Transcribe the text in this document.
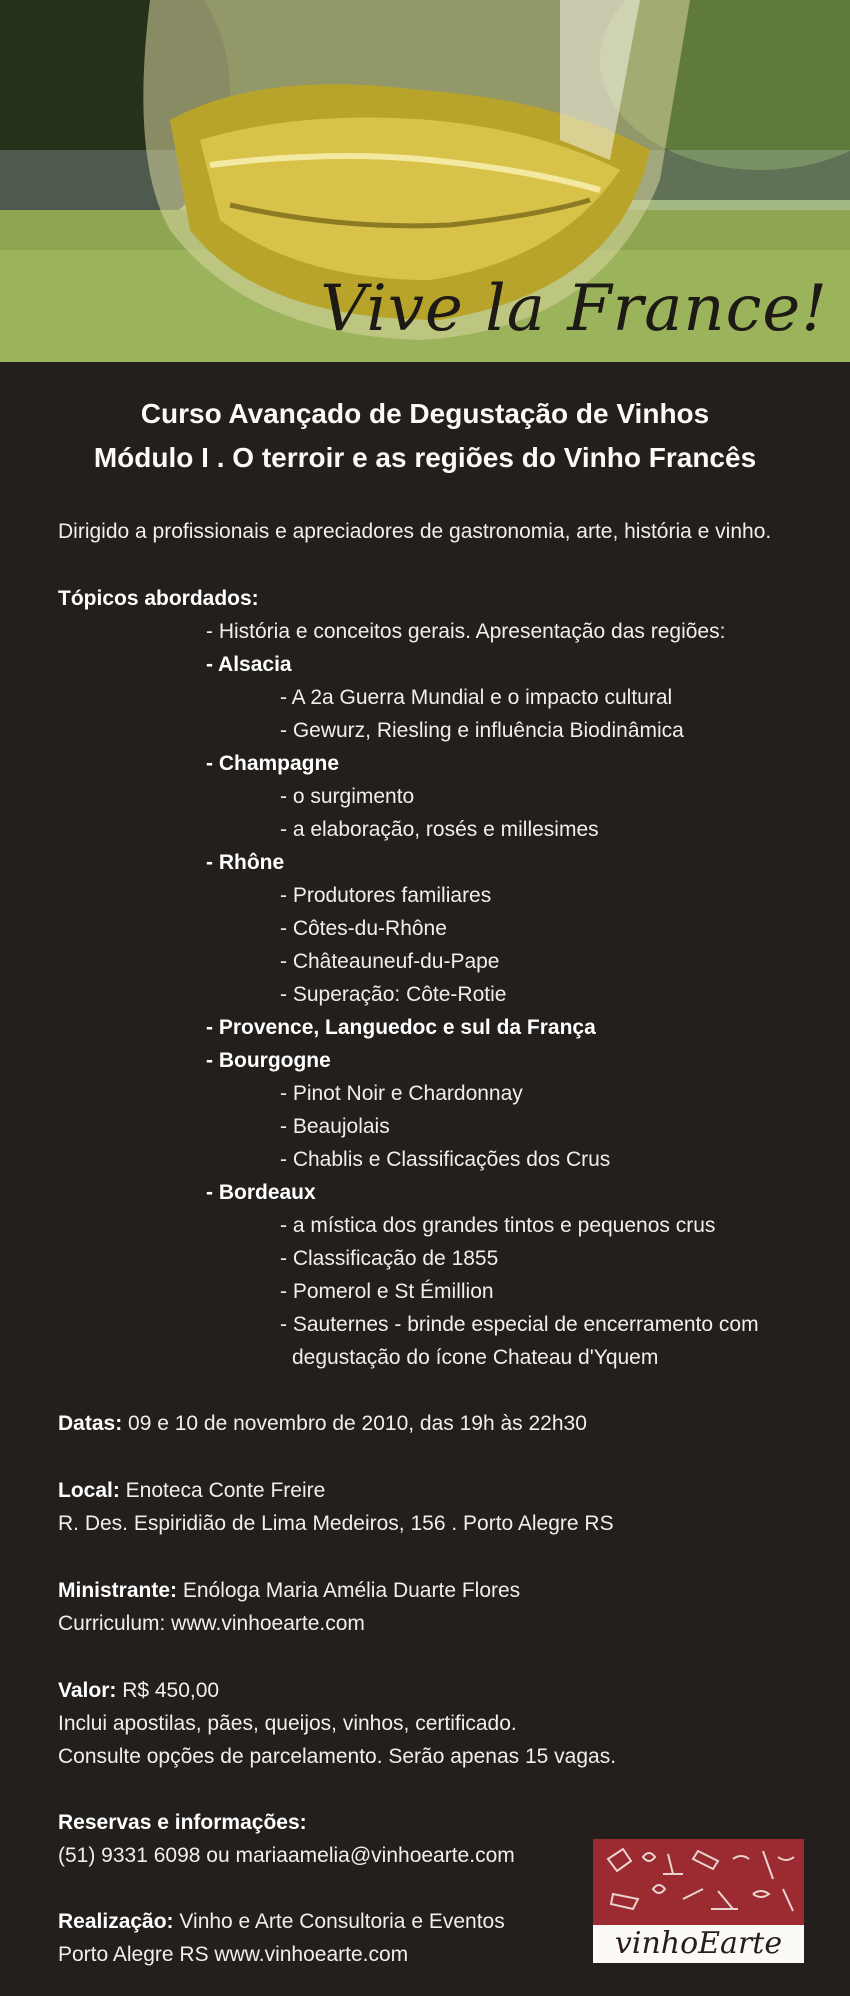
Vive la France!
Curso Avançado de Degustação de Vinhos
Módulo I . O terroir e as regiões do Vinho Francês
Dirigido a profissionais e apreciadores de gastronomia, arte, história e vinho.
Tópicos abordados:
- História e conceitos gerais. Apresentação das regiões:
- Alsacia
- A 2a Guerra Mundial e o impacto cultural
- Gewurz, Riesling e influência Biodinâmica
- Champagne
- o surgimento
- a elaboração, rosés e millesimes
- Rhône
- Produtores familiares
- Côtes-du-Rhône
- Châteauneuf-du-Pape
- Superação: Côte-Rotie
- Provence, Languedoc e sul da França
- Bourgogne
- Pinot Noir e Chardonnay
- Beaujolais
- Chablis e Classificações dos Crus
- Bordeaux
- a mística dos grandes tintos e pequenos crus
- Classificação de 1855
- Pomerol e St Émillion
- Sauternes - brinde especial de encerramento com
degustação do ícone Chateau d'Yquem
Datas: 09 e 10 de novembro de 2010, das 19h às 22h30
Local: Enoteca Conte Freire
R. Des. Espiridião de Lima Medeiros, 156 . Porto Alegre RS
Ministrante: Enóloga Maria Amélia Duarte Flores
Curriculum: www.vinhoearte.com
Valor: R$ 450,00
Inclui apostilas, pães, queijos, vinhos, certificado.
Consulte opções de parcelamento. Serão apenas 15 vagas.
Reservas e informações:
(51) 9331 6098 ou mariaamelia@vinhoearte.com
Realização: Vinho e Arte Consultoria e Eventos
Porto Alegre RS www.vinhoearte.com	vinhoEarte
